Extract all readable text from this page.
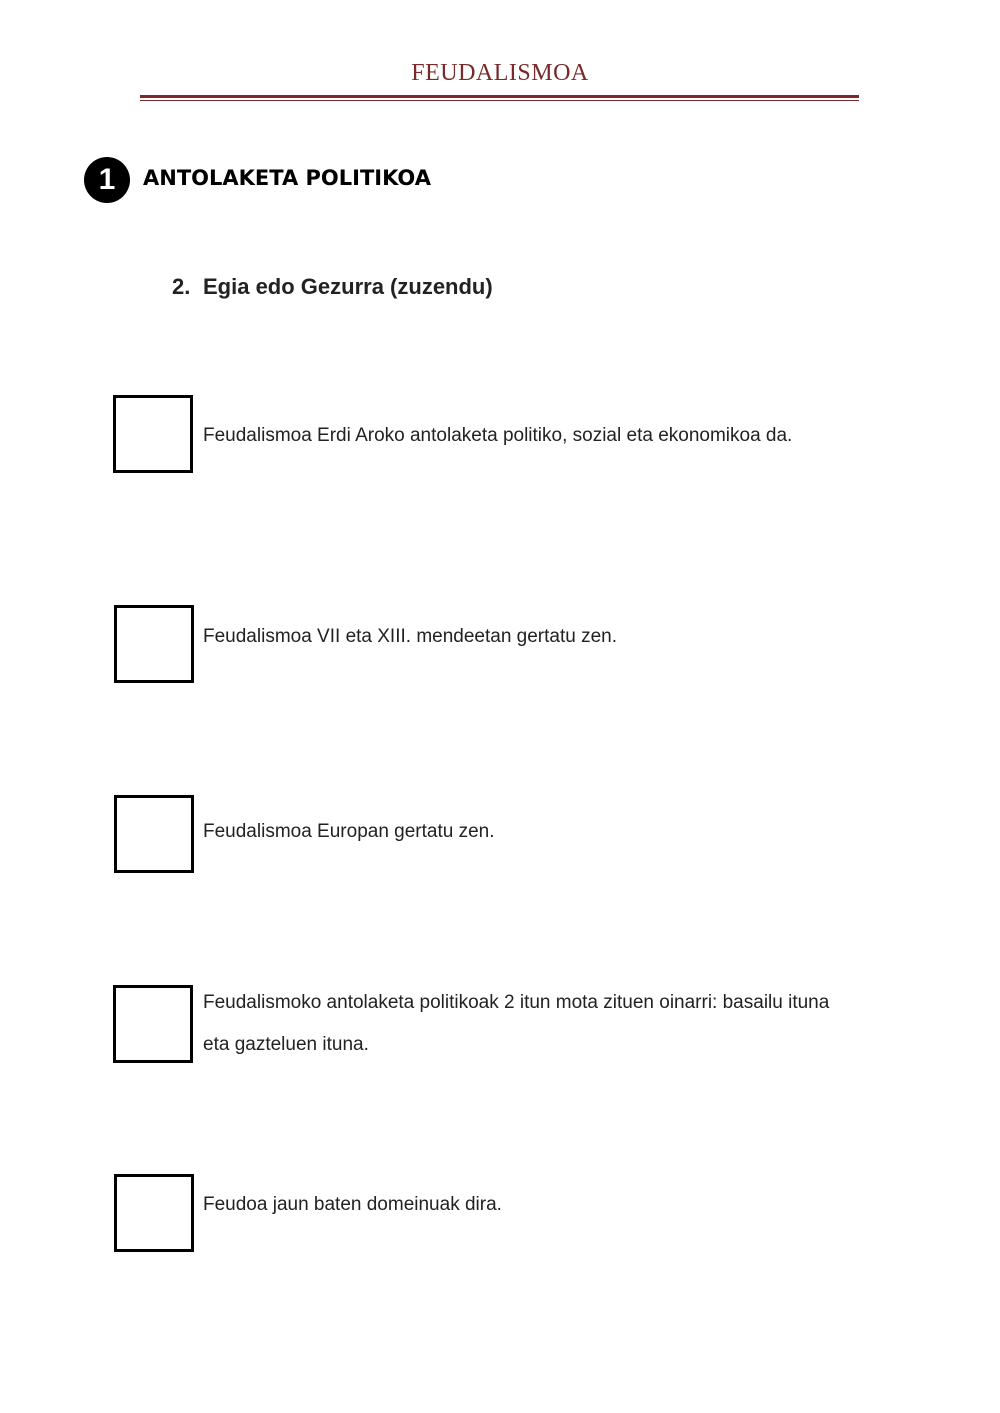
FEUDALISMOA
1	ANTOLAKETA POLITIKOA
2. Egia edo Gezurra (zuzendu)
Feudalismoa Erdi Aroko antolaketa politiko, sozial eta ekonomikoa da.
Feudalismoa VII eta XIII. mendeetan gertatu zen.
Feudalismoa Europan gertatu zen.
Feudalismoko antolaketa politikoak 2 itun mota zituen oinarri: basailu ituna eta gazteluen ituna.
Feudoa jaun baten domeinuak dira.
